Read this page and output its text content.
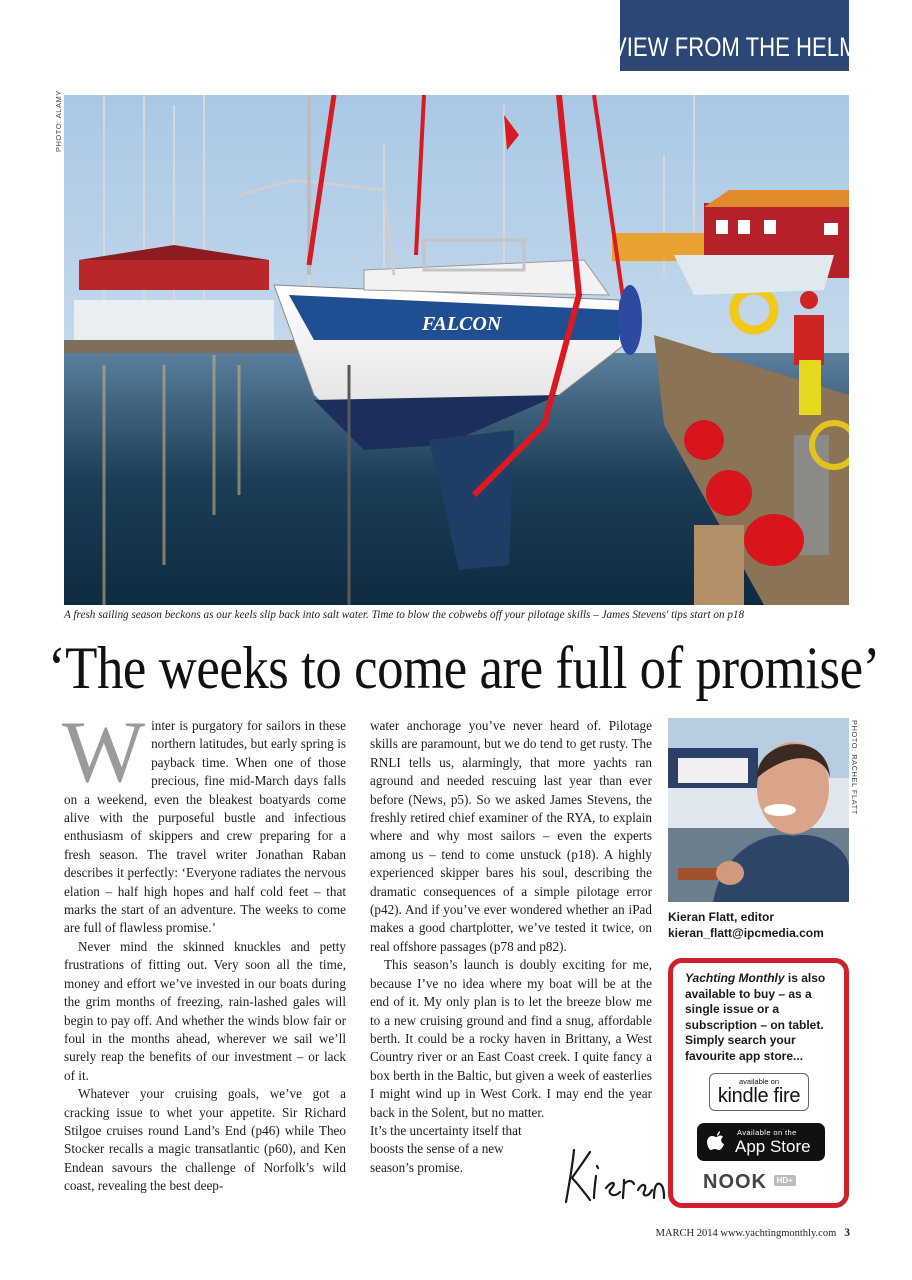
VIEW FROM THE HELM
PHOTO: ALAMY
FALCON
A fresh sailing season beckons as our keels slip back into salt water. Time to blow the cobwebs off your pilotage skills – James Stevens' tips start on p18
‘The weeks to come are full of promise’

Winter is purgatory for sailors in these northern latitudes, but early spring is payback time. When one of those precious, fine mid-March days falls on a weekend, even the bleakest boatyards come alive with the purposeful bustle and infectious enthusiasm of skippers and crew preparing for a fresh season. The travel writer Jonathan Raban describes it perfectly: ‘Everyone radiates the nervous elation – half high hopes and half cold feet – that marks the start of an adventure. The weeks to come are full of flawless promise.’

Never mind the skinned knuckles and petty frustrations of fitting out. Very soon all the time, money and effort we’ve invested in our boats during the grim months of freezing, rain-lashed gales will begin to pay off. And whether the winds blow fair or foul in the months ahead, wherever we sail we’ll surely reap the benefits of our investment – or lack of it.

Whatever your cruising goals, we’ve got a cracking issue to whet your appetite. Sir Richard Stilgoe cruises round Land’s End (p46) while Theo Stocker recalls a magic transatlantic (p60), and Ken Endean savours the challenge of Norfolk’s wild coast, revealing the best deep-

water anchorage you’ve never heard of. Pilotage skills are paramount, but we do tend to get rusty. The RNLI tells us, alarmingly, that more yachts ran aground and needed rescuing last year than ever before (News, p5). So we asked James Stevens, the freshly retired chief examiner of the RYA, to explain where and why most sailors – even the experts among us – tend to come unstuck (p18). A highly experienced skipper bares his soul, describing the dramatic consequences of a simple pilotage error (p42). And if you’ve ever wondered whether an iPad makes a good chartplotter, we’ve tested it twice, on real offshore passages (p78 and p82).

This season’s launch is doubly exciting for me, because I’ve no idea where my boat will be at the end of it. My only plan is to let the breeze blow me to a new cruising ground and find a snug, affordable berth. It could be a rocky haven in Brittany, a West Country river or an East Coast creek. I quite fancy a box berth in the Baltic, but given a week of easterlies I might wind up in West Cork. I may end the year back in the Solent, but no matter.

It’s the uncertainty itself that boosts the sense of a new season’s promise.

PHOTO: RACHEL FLATT
Kieran Flatt, editor
kieran_flatt@ipcmedia.com
Yachting Monthly is also available to buy – as a single issue or a subscription – on tablet. Simply search your favourite app store...
available on
kindle fire
Available on the
App Store
NOOK HD+
MARCH 2014 www.yachtingmonthly.com 3
